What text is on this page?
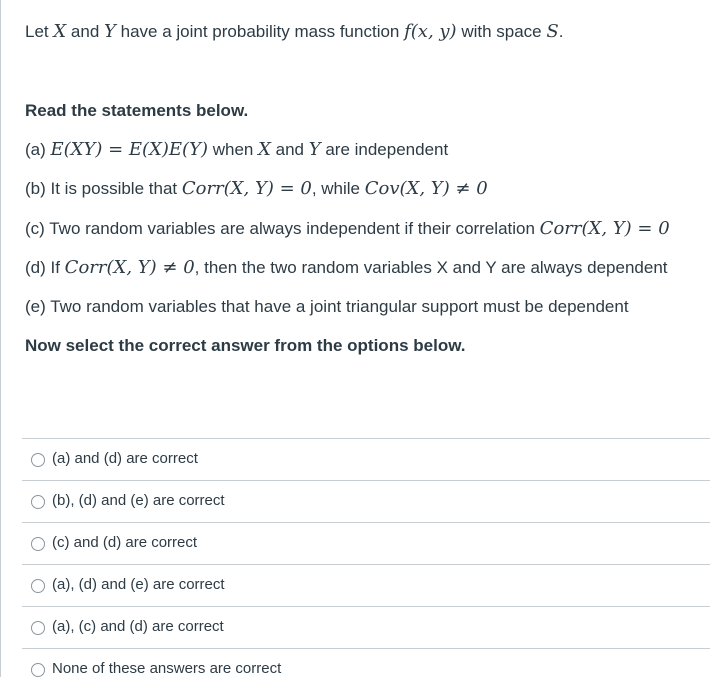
Let X and Y have a joint probability mass function f(x, y) with space S.
Read the statements below.
(a) E(XY) = E(X)E(Y) when X and Y are independent
(b) It is possible that Corr(X, Y) = 0, while Cov(X, Y) ≠ 0
(c) Two random variables are always independent if their correlation Corr(X, Y) = 0
(d) If Corr(X, Y) ≠ 0, then the two random variables X and Y are always dependent
(e) Two random variables that have a joint triangular support must be dependent
Now select the correct answer from the options below.
(a) and (d) are correct
(b), (d) and (e) are correct
(c) and (d) are correct
(a), (d) and (e) are correct
(a), (c) and (d) are correct
None of these answers are correct
